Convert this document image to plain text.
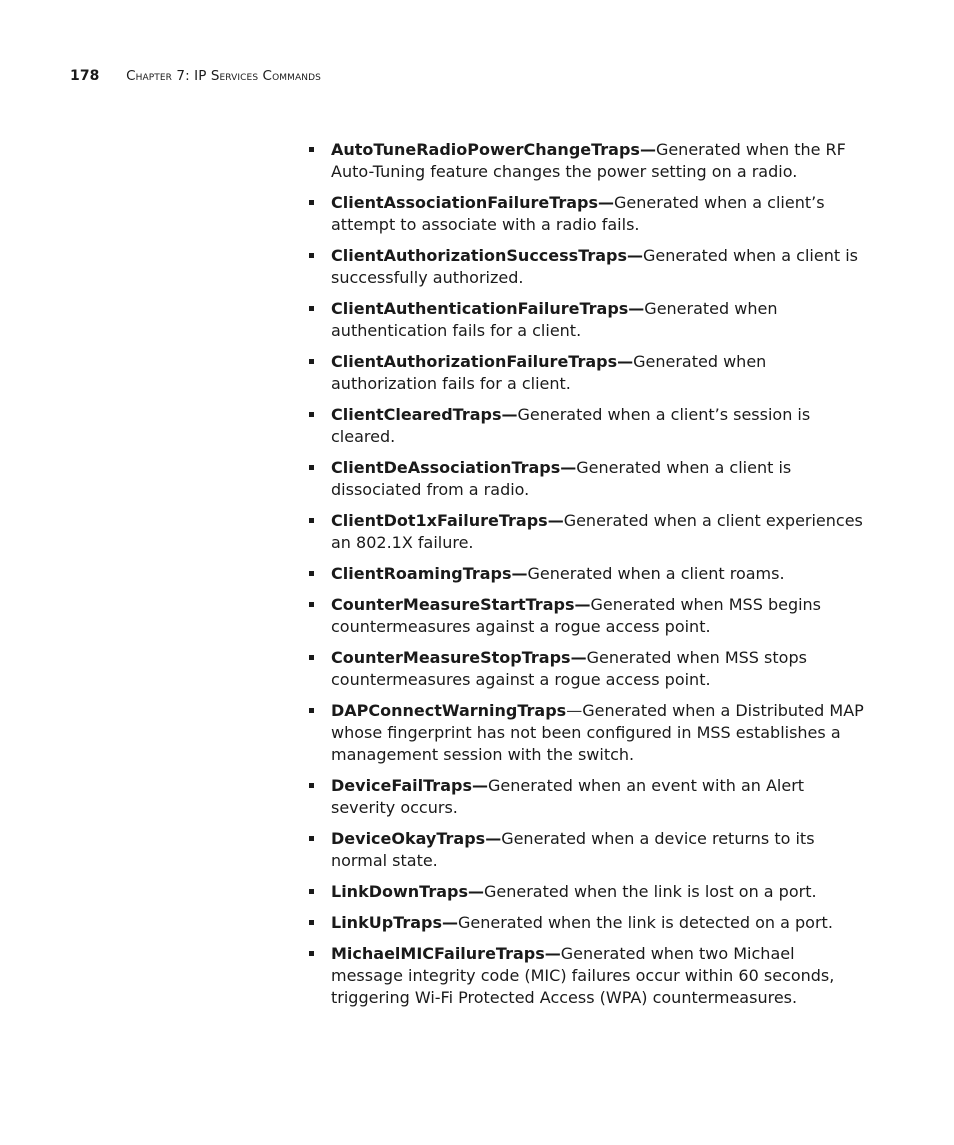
178 Chapter 7: IP Services Commands
AutoTuneRadioPowerChangeTraps—Generated when the RF Auto-Tuning feature changes the power setting on a radio.
ClientAssociationFailureTraps—Generated when a client’s attempt to associate with a radio fails.
ClientAuthorizationSuccessTraps—Generated when a client is successfully authorized.
ClientAuthenticationFailureTraps—Generated when authentication fails for a client.
ClientAuthorizationFailureTraps—Generated when authorization fails for a client.
ClientClearedTraps—Generated when a client’s session is cleared.
ClientDeAssociationTraps—Generated when a client is dissociated from a radio.
ClientDot1xFailureTraps—Generated when a client experiences an 802.1X failure.
ClientRoamingTraps—Generated when a client roams.
CounterMeasureStartTraps—Generated when MSS begins countermeasures against a rogue access point.
CounterMeasureStopTraps—Generated when MSS stops countermeasures against a rogue access point.
DAPConnectWarningTraps—Generated when a Distributed MAP whose fingerprint has not been configured in MSS establishes a management session with the switch.
DeviceFailTraps—Generated when an event with an Alert severity occurs.
DeviceOkayTraps—Generated when a device returns to its normal state.
LinkDownTraps—Generated when the link is lost on a port.
LinkUpTraps—Generated when the link is detected on a port.
MichaelMICFailureTraps—Generated when two Michael message integrity code (MIC) failures occur within 60 seconds, triggering Wi-Fi Protected Access (WPA) countermeasures.
